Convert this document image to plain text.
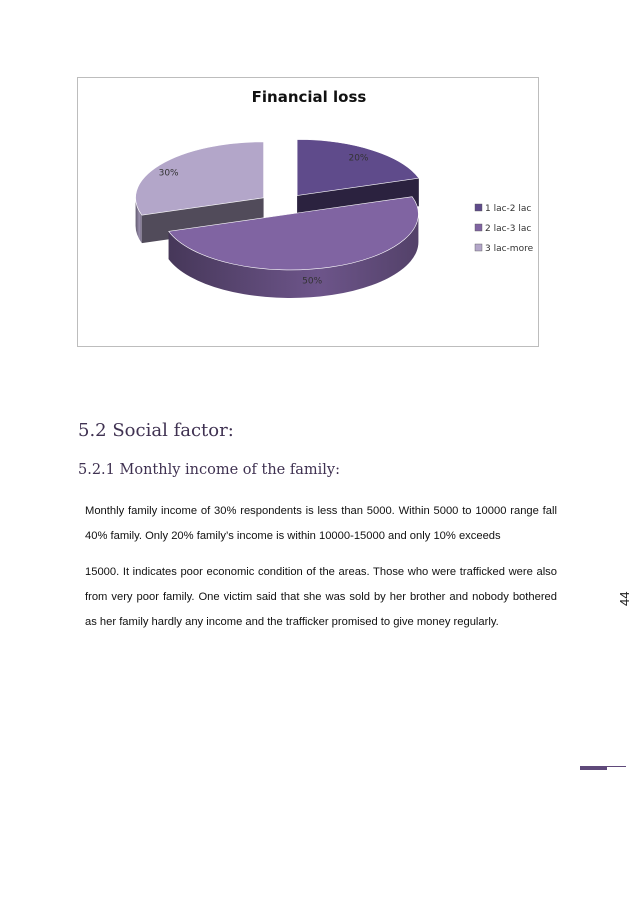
Financial loss
20%
50%
30%
1 lac-2 lac
2 lac-3 lac
3 lac-more
5.2 Social factor:
5.2.1 Monthly income of the family:

Monthly family income of 30% respondents is less than 5000. Within 5000 to 10000 range fall 40% family. Only 20% family’s income is within 10000-15000 and only 10% exceeds

15000. It indicates poor economic condition of the areas. Those who were trafficked were also from very poor family. One victim said that she was sold by her brother and nobody bothered as her family hardly any income and the trafficker promised to give money regularly.

44
